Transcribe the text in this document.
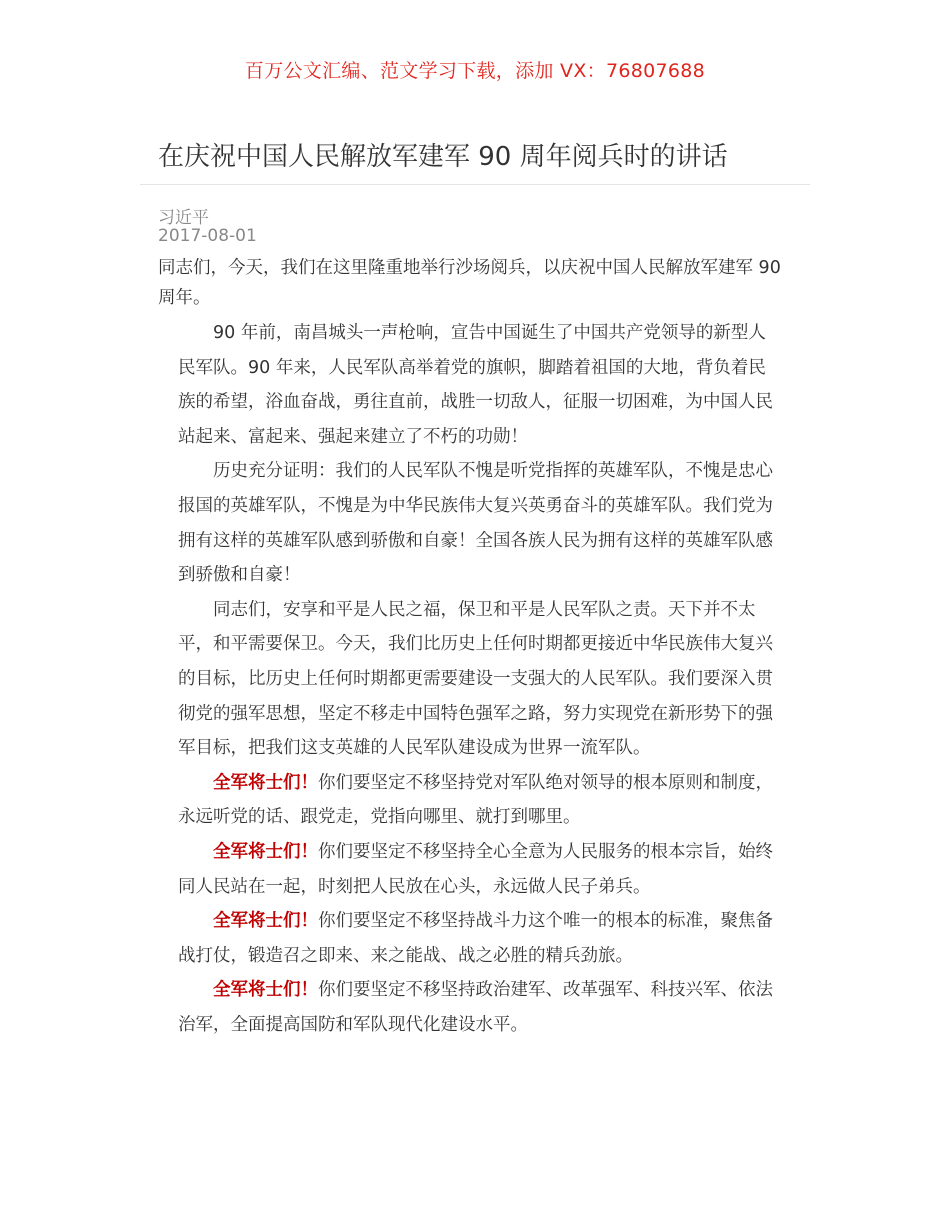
百万公文汇编、范文学习下载，添加 VX：76807688
在庆祝中国人民解放军建军 90 周年阅兵时的讲话
习近平
2017-08-01

同志们，今天，我们在这里隆重地举行沙场阅兵，以庆祝中国人民解放军建军 90 周年。

90 年前，南昌城头一声枪响，宣告中国诞生了中国共产党领导的新型人民军队。90 年来，人民军队高举着党的旗帜，脚踏着祖国的大地，背负着民族的希望，浴血奋战，勇往直前，战胜一切敌人，征服一切困难，为中国人民站起来、富起来、强起来建立了不朽的功勋！

历史充分证明：我们的人民军队不愧是听党指挥的英雄军队，不愧是忠心报国的英雄军队，不愧是为中华民族伟大复兴英勇奋斗的英雄军队。我们党为拥有这样的英雄军队感到骄傲和自豪！全国各族人民为拥有这样的英雄军队感到骄傲和自豪！

同志们，安享和平是人民之福，保卫和平是人民军队之责。天下并不太平，和平需要保卫。今天，我们比历史上任何时期都更接近中华民族伟大复兴的目标，比历史上任何时期都更需要建设一支强大的人民军队。我们要深入贯彻党的强军思想，坚定不移走中国特色强军之路，努力实现党在新形势下的强军目标，把我们这支英雄的人民军队建设成为世界一流军队。

全军将士们！你们要坚定不移坚持党对军队绝对领导的根本原则和制度，永远听党的话、跟党走，党指向哪里、就打到哪里。

全军将士们！你们要坚定不移坚持全心全意为人民服务的根本宗旨，始终同人民站在一起，时刻把人民放在心头，永远做人民子弟兵。

全军将士们！你们要坚定不移坚持战斗力这个唯一的根本的标准，聚焦备战打仗，锻造召之即来、来之能战、战之必胜的精兵劲旅。

全军将士们！你们要坚定不移坚持政治建军、改革强军、科技兴军、依法治军，全面提高国防和军队现代化建设水平。
